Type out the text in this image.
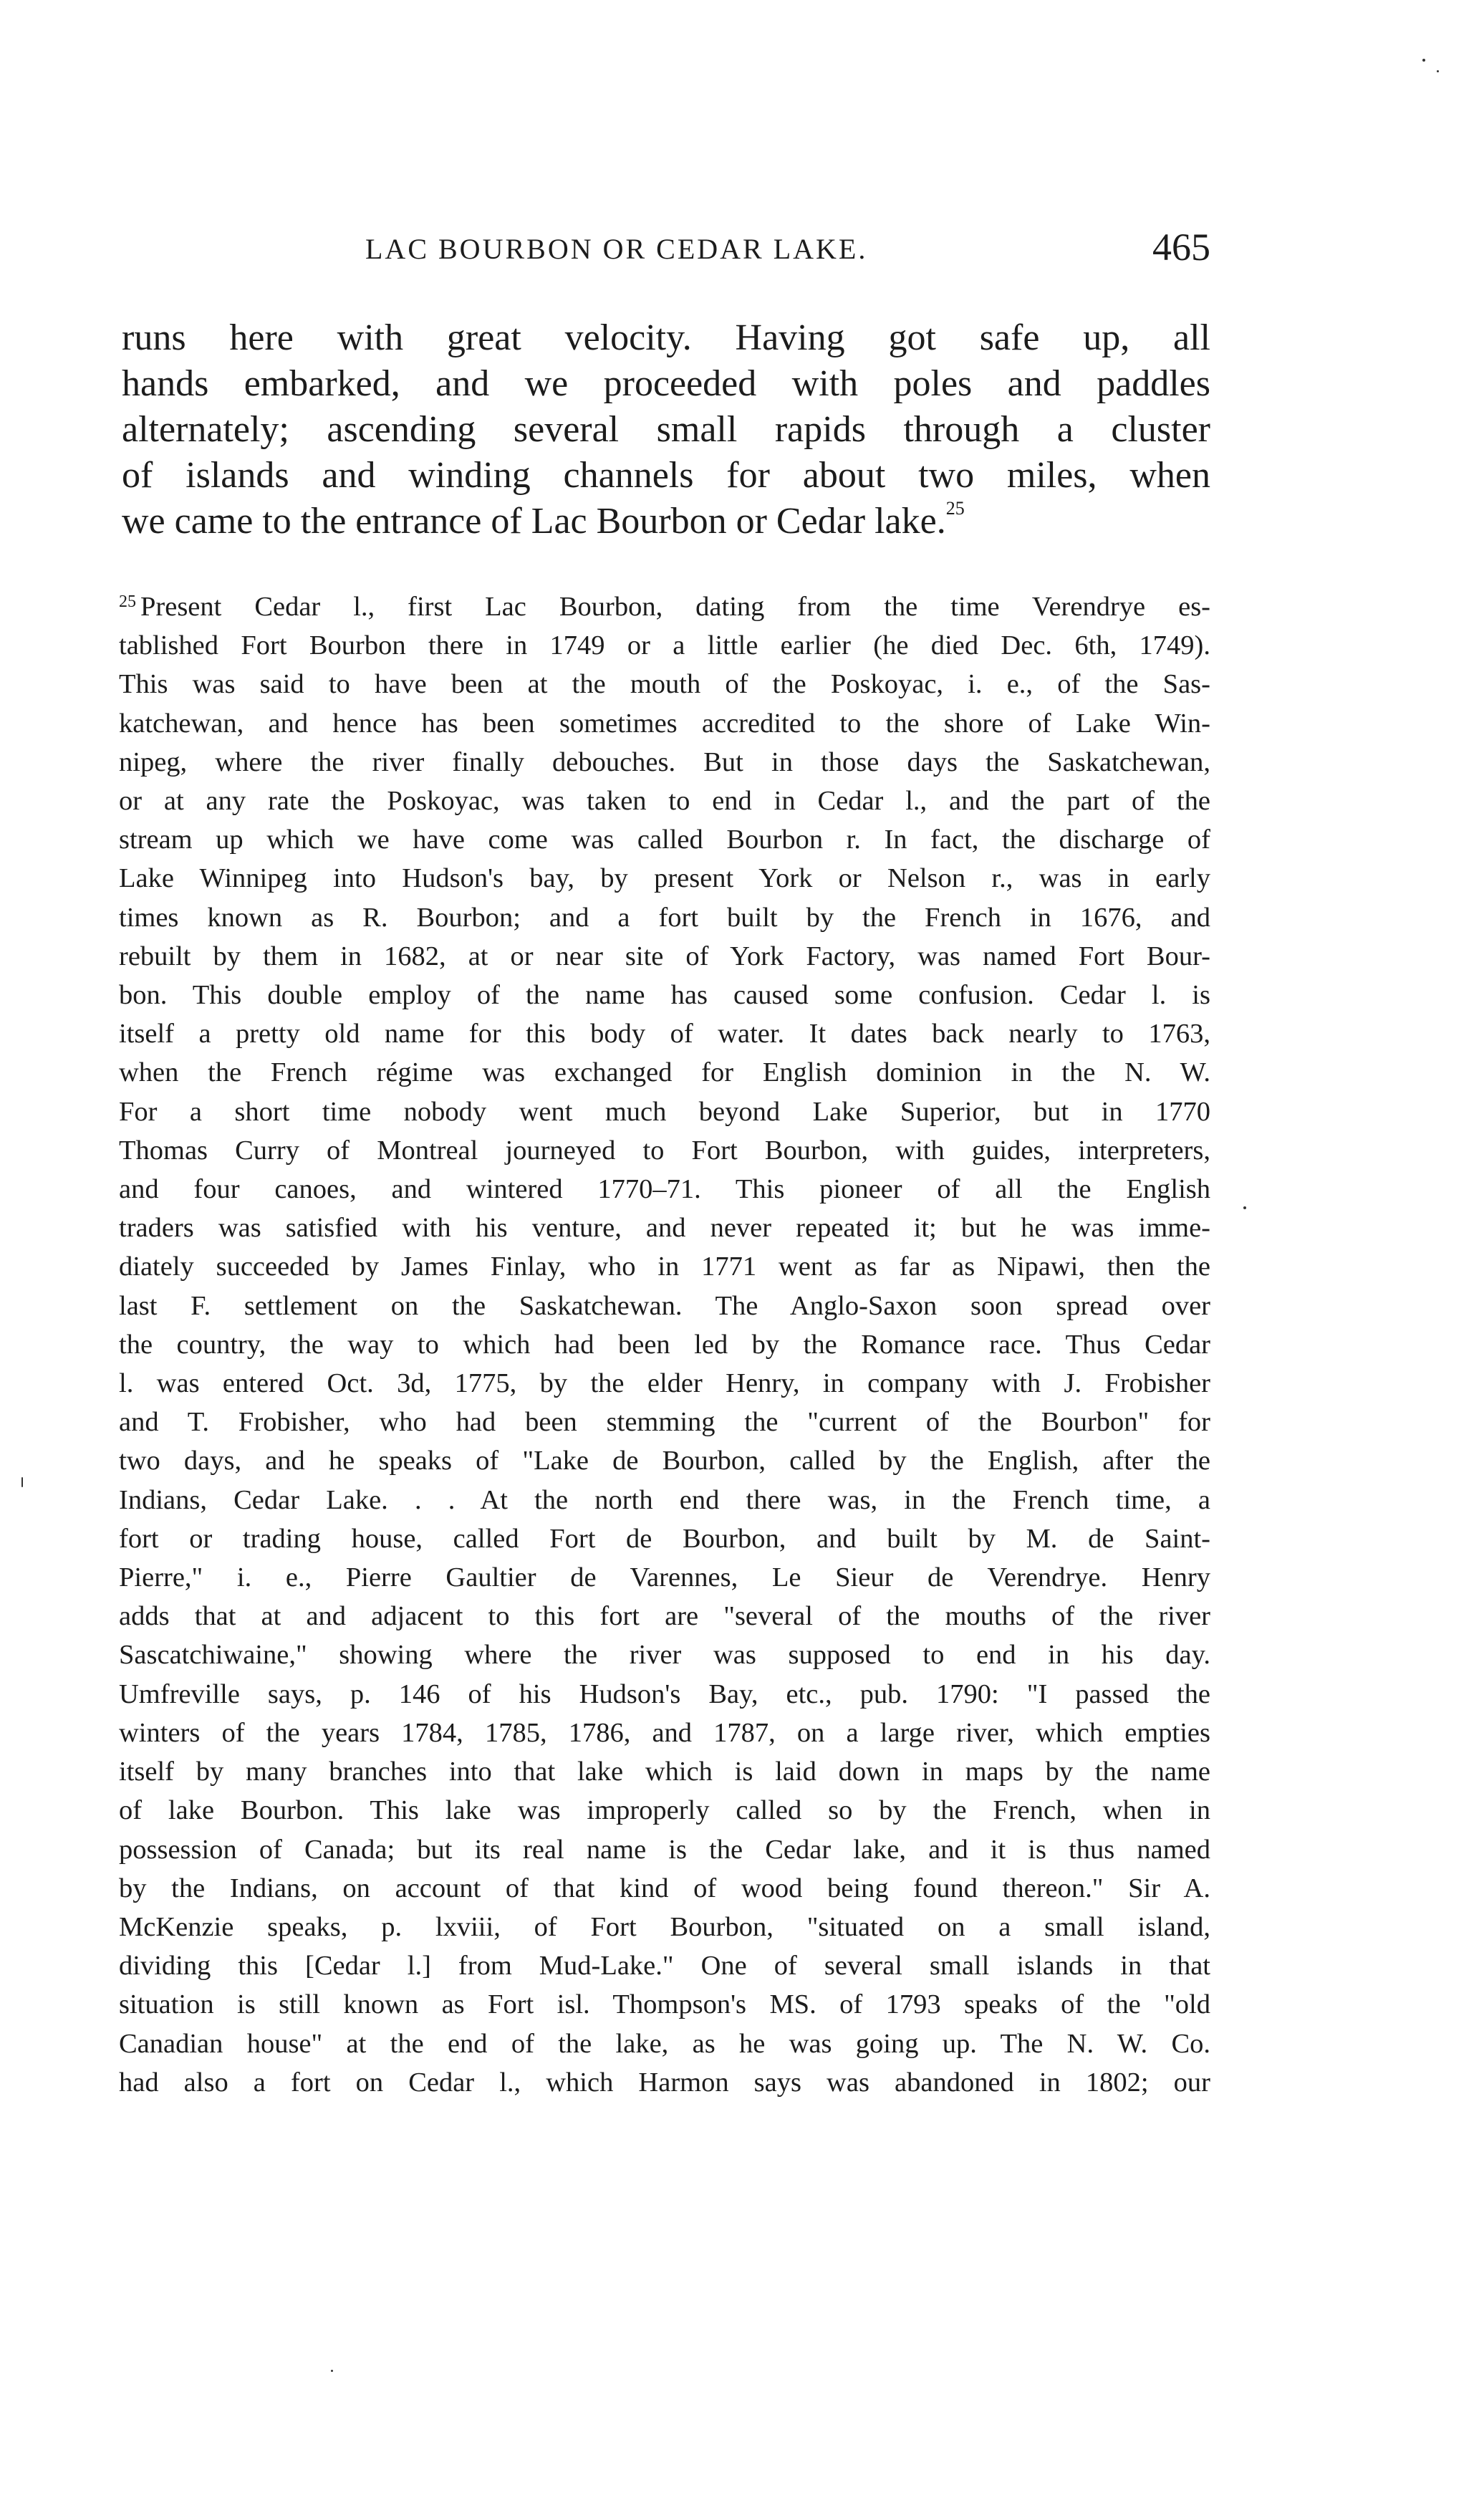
LAC BOURBON OR CEDAR LAKE.	465
runs here with great velocity. Having got safe up, all
hands embarked, and we proceeded with poles and paddles
alternately; ascending several small rapids through a cluster
of islands and winding channels for about two miles, when
we came to the entrance of Lac Bourbon or Cedar lake.$^{25}$
$^{25}$ Present Cedar l., first Lac Bourbon, dating from the time Verendrye es-
tablished Fort Bourbon there in 1749 or a little earlier (he died Dec. 6th, 1749).
This was said to have been at the mouth of the Poskoyac, i. e., of the Sas-
katchewan, and hence has been sometimes accredited to the shore of Lake Win-
nipeg, where the river finally debouches. But in those days the Saskatchewan,
or at any rate the Poskoyac, was taken to end in Cedar l., and the part of the
stream up which we have come was called Bourbon r. In fact, the discharge of
Lake Winnipeg into Hudson's bay, by present York or Nelson r., was in early
times known as R. Bourbon; and a fort built by the French in 1676, and
rebuilt by them in 1682, at or near site of York Factory, was named Fort Bour-
bon. This double employ of the name has caused some confusion. Cedar l. is
itself a pretty old name for this body of water. It dates back nearly to 1763,
when the French régime was exchanged for English dominion in the N. W.
For a short time nobody went much beyond Lake Superior, but in 1770
Thomas Curry of Montreal journeyed to Fort Bourbon, with guides, interpreters,
and four canoes, and wintered 1770–71. This pioneer of all the English
traders was satisfied with his venture, and never repeated it; but he was imme-
diately succeeded by James Finlay, who in 1771 went as far as Nipawi, then the
last F. settlement on the Saskatchewan. The Anglo-Saxon soon spread over
the country, the way to which had been led by the Romance race. Thus Cedar
l. was entered Oct. 3d, 1775, by the elder Henry, in company with J. Frobisher
and T. Frobisher, who had been stemming the "current of the Bourbon" for
two days, and he speaks of "Lake de Bourbon, called by the English, after the
Indians, Cedar Lake. . . At the north end there was, in the French time, a
fort or trading house, called Fort de Bourbon, and built by M. de Saint-
Pierre," i. e., Pierre Gaultier de Varennes, Le Sieur de Verendrye. Henry
adds that at and adjacent to this fort are "several of the mouths of the river
Sascatchiwaine," showing where the river was supposed to end in his day.
Umfreville says, p. 146 of his Hudson's Bay, etc., pub. 1790: "I passed the
winters of the years 1784, 1785, 1786, and 1787, on a large river, which empties
itself by many branches into that lake which is laid down in maps by the name
of lake Bourbon. This lake was improperly called so by the French, when in
possession of Canada; but its real name is the Cedar lake, and it is thus named
by the Indians, on account of that kind of wood being found thereon." Sir A.
McKenzie speaks, p. lxviii, of Fort Bourbon, "situated on a small island,
dividing this [Cedar l.] from Mud-Lake." One of several small islands in that
situation is still known as Fort isl. Thompson's MS. of 1793 speaks of the "old
Canadian house" at the end of the lake, as he was going up. The N. W. Co.
had also a fort on Cedar l., which Harmon says was abandoned in 1802; our
